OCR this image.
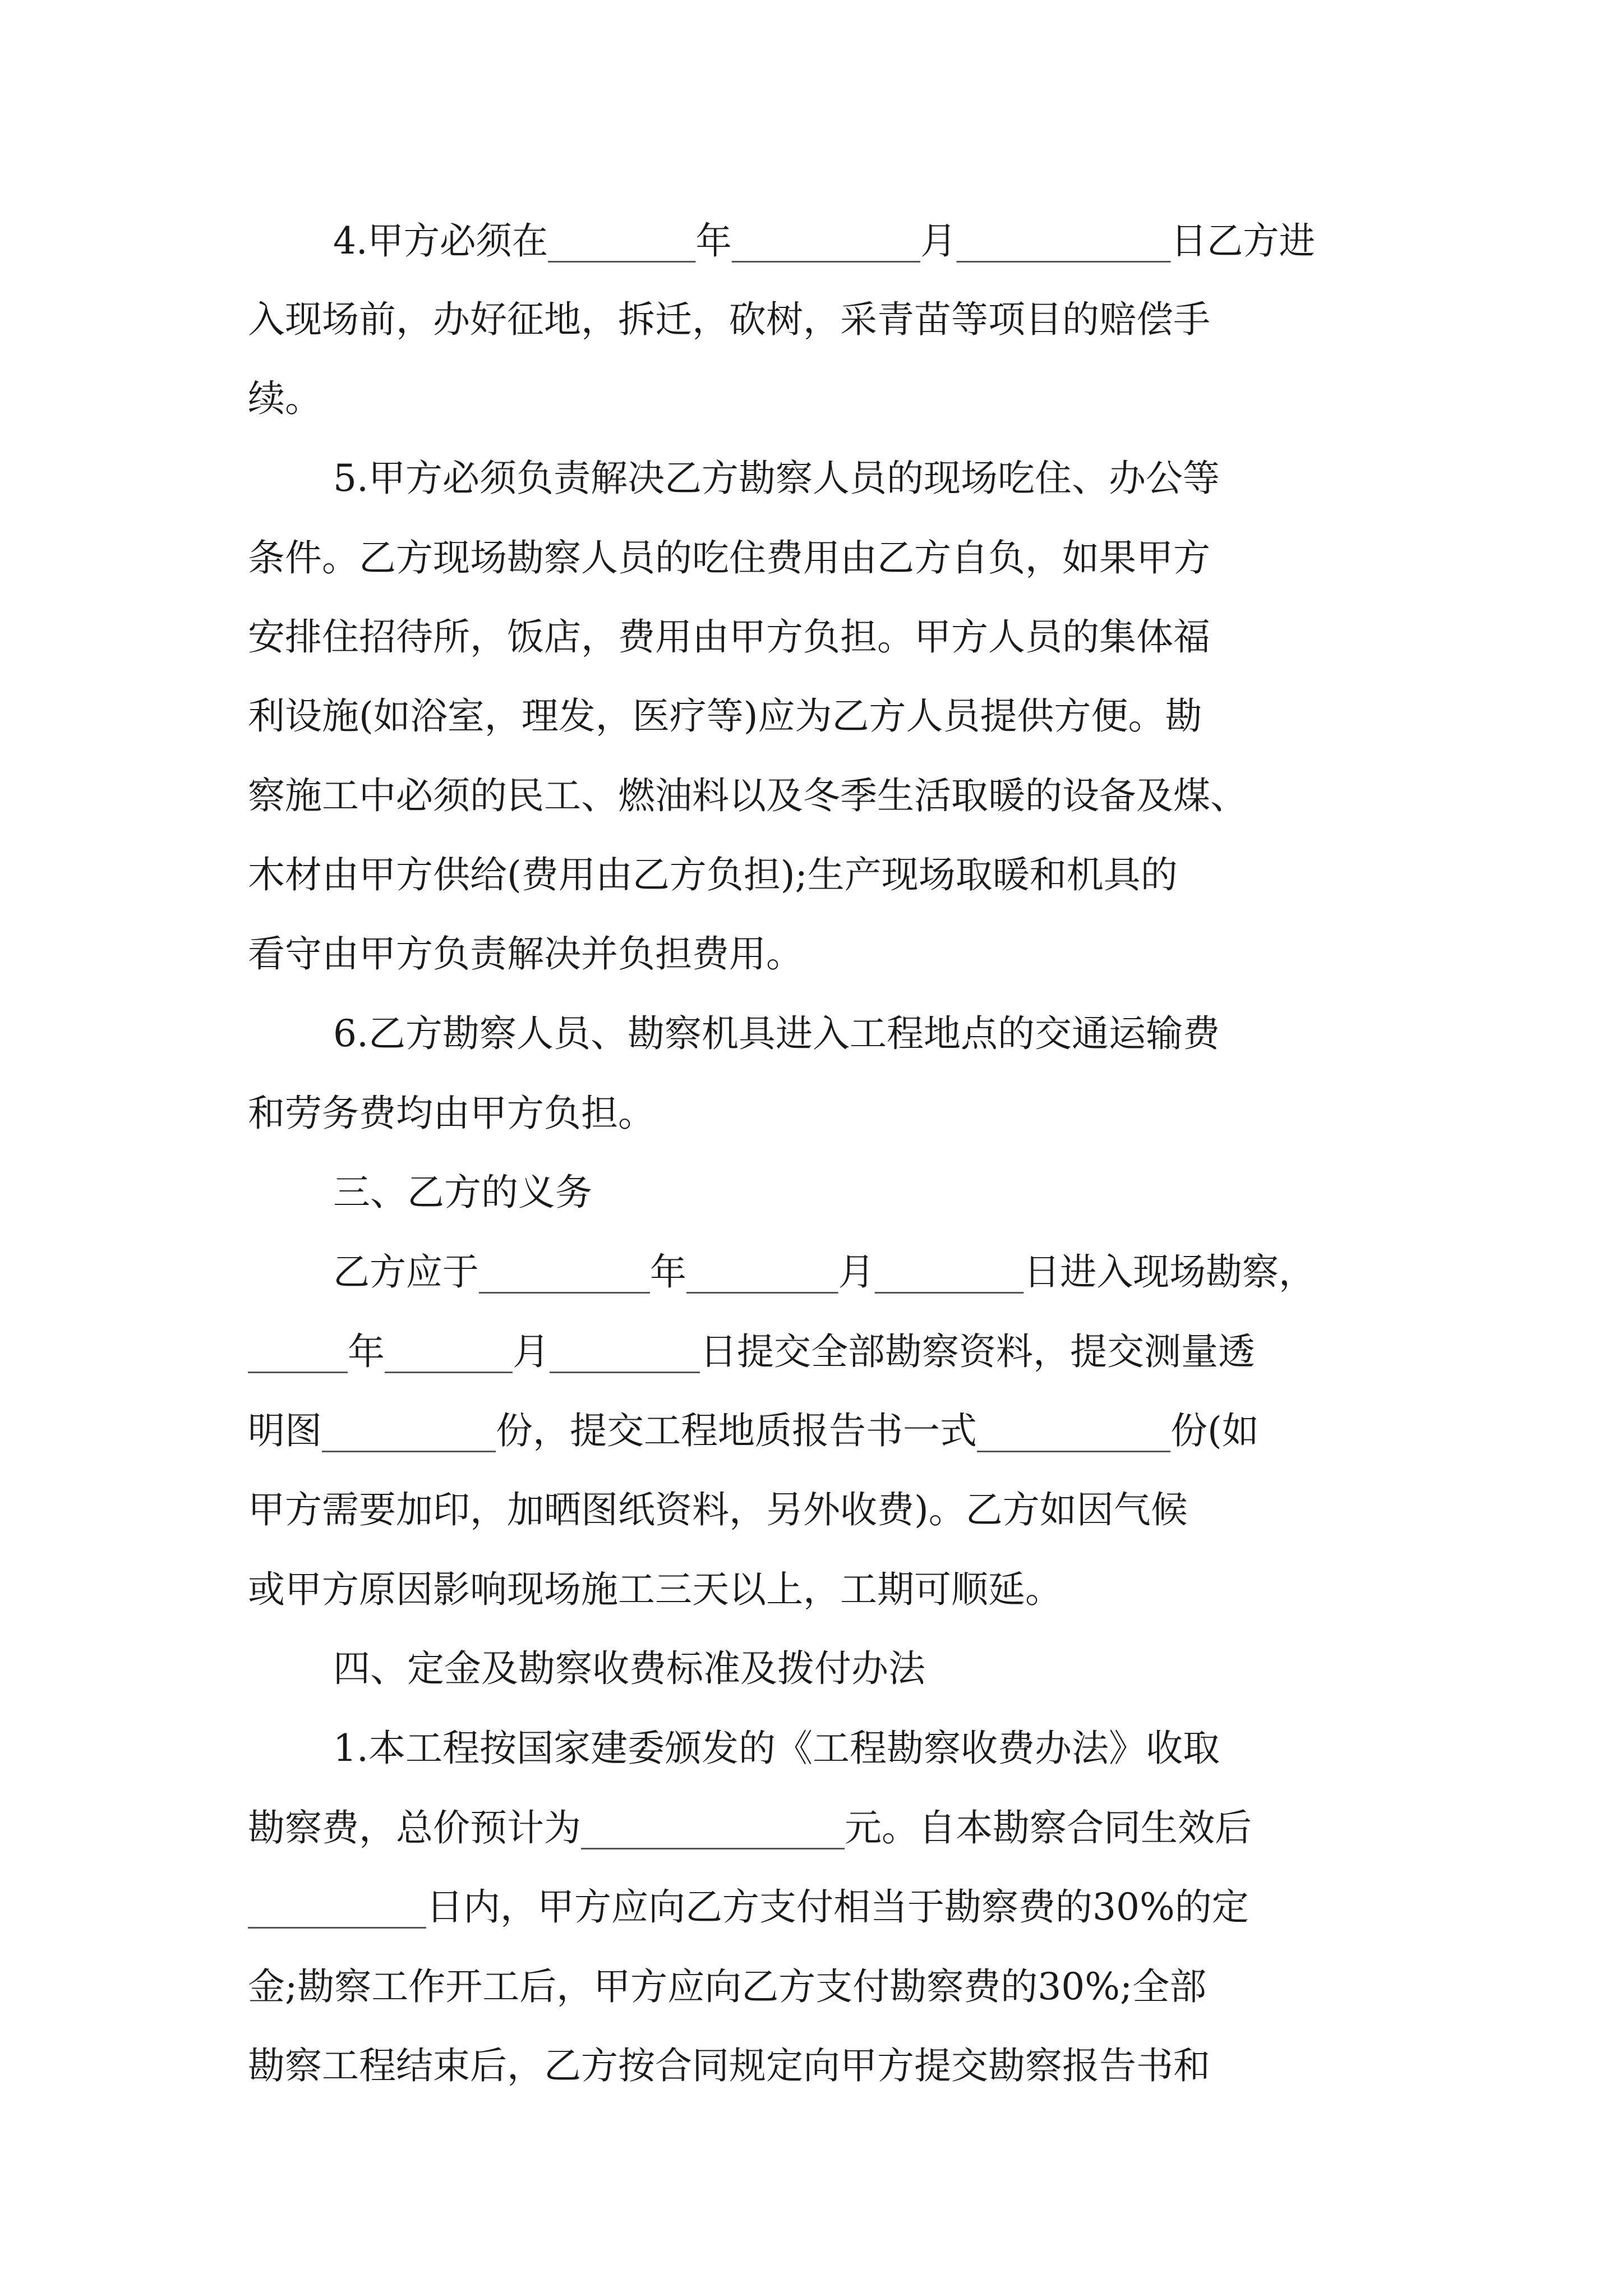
4.甲方必须在	年	月	日乙方进
入现场前，办好征地，拆迁，砍树，采青苗等项目的赔偿手
续。
5.甲方必须负责解决乙方勘察人员的现场吃住、办公等
条件。乙方现场勘察人员的吃住费用由乙方自负，如果甲方
安排住招待所，饭店，费用由甲方负担。甲方人员的集体福
利设施(如浴室，理发，医疗等)应为乙方人员提供方便。勘
察施工中必须的民工、燃油料以及冬季生活取暖的设备及煤、
木材由甲方供给(费用由乙方负担);生产现场取暖和机具的
看守由甲方负责解决并负担费用。
6.乙方勘察人员、勘察机具进入工程地点的交通运输费
和劳务费均由甲方负担。
三、乙方的义务
乙方应于	年	月	日进入现场勘察，
年	月	日提交全部勘察资料，提交测量透
明图	份，提交工程地质报告书一式	份(如
甲方需要加印，加晒图纸资料，另外收费)。乙方如因气候
或甲方原因影响现场施工三天以上，工期可顺延。
四、定金及勘察收费标准及拨付办法
1.本工程按国家建委颁发的《工程勘察收费办法》收取
勘察费，总价预计为	元。自本勘察合同生效后
日内，甲方应向乙方支付相当于勘察费的30%的定
金;勘察工作开工后，甲方应向乙方支付勘察费的30%;全部
勘察工程结束后，乙方按合同规定向甲方提交勘察报告书和
